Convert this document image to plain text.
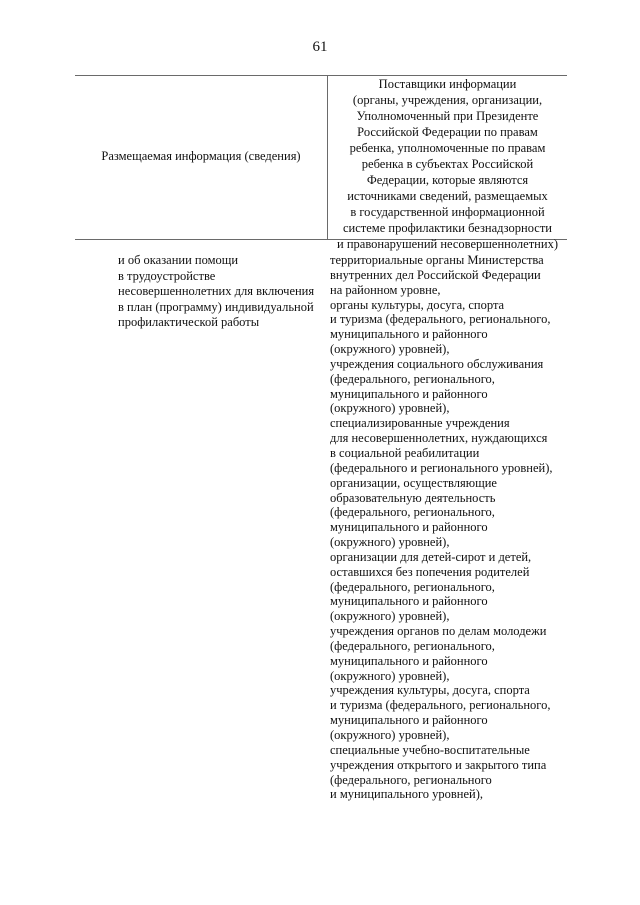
61
Размещаемая информация (сведения)
Поставщики информации
(органы, учреждения, организации,
Уполномоченный при Президенте
Российской Федерации по правам
ребенка, уполномоченные по правам
ребенка в субъектах Российской
Федерации, которые являются
источниками сведений, размещаемых
в государственной информационной
системе профилактики безнадзорности
и правонарушений несовершеннолетних)
и об оказании помощи
в трудоустройстве
несовершеннолетних для включения
в план (программу) индивидуальной
профилактической работы
территориальные органы Министерства
внутренних дел Российской Федерации
на районном уровне,
органы культуры, досуга, спорта
и туризма (федерального, регионального,
муниципального и районного
(окружного) уровней),
учреждения социального обслуживания
(федерального, регионального,
муниципального и районного
(окружного) уровней),
специализированные учреждения
для несовершеннолетних, нуждающихся
в социальной реабилитации
(федерального и регионального уровней),
организации, осуществляющие
образовательную деятельность
(федерального, регионального,
муниципального и районного
(окружного) уровней),
организации для детей-сирот и детей,
оставшихся без попечения родителей
(федерального, регионального,
муниципального и районного
(окружного) уровней),
учреждения органов по делам молодежи
(федерального, регионального,
муниципального и районного
(окружного) уровней),
учреждения культуры, досуга, спорта
и туризма (федерального, регионального,
муниципального и районного
(окружного) уровней),
специальные учебно-воспитательные
учреждения открытого и закрытого типа
(федерального, регионального
и муниципального уровней),
